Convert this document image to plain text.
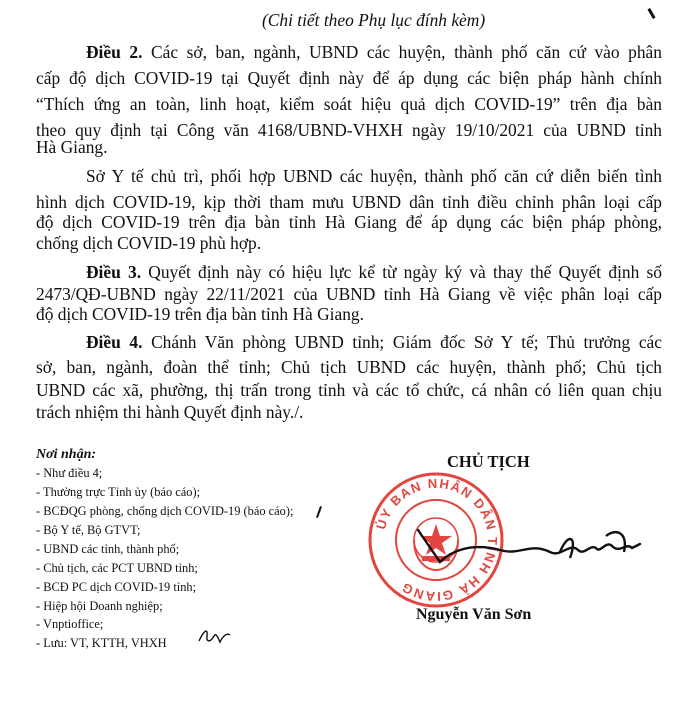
(Chi tiết theo Phụ lục đính kèm)
Điều 2. Các sở, ban, ngành, UBND các huyện, thành phố căn cứ vào phân
cấp độ dịch COVID-19 tại Quyết định này để áp dụng các biện pháp hành chính
“Thích ứng an toàn, linh hoạt, kiểm soát hiệu quả dịch COVID-19” trên địa bàn
theo quy định tại Công văn 4168/UBND-VHXH ngày 19/10/2021 của UBND tỉnh
Hà Giang.
Sở Y tế chủ trì, phối hợp UBND các huyện, thành phố căn cứ diễn biến tình
hình dịch COVID-19, kịp thời tham mưu UBND dân tỉnh điều chỉnh phân loại cấp
độ dịch COVID-19 trên địa bàn tỉnh Hà Giang để áp dụng các biện pháp phòng,
chống dịch COVID-19 phù hợp.
Điều 3. Quyết định này có hiệu lực kể từ ngày ký và thay thế Quyết định số
2473/QĐ-UBND ngày 22/11/2021 của UBND tỉnh Hà Giang về việc phân loại cấp
độ dịch COVID-19 trên địa bàn tỉnh Hà Giang.
Điều 4. Chánh Văn phòng UBND tỉnh; Giám đốc Sở Y tế; Thủ trưởng các
sở, ban, ngành, đoàn thể tỉnh; Chủ tịch UBND các huyện, thành phố; Chủ tịch
UBND các xã, phường, thị trấn trong tỉnh và các tổ chức, cá nhân có liên quan chịu
trách nhiệm thi hành Quyết định này./.
Nơi nhận:
- Như điều 4;
- Thường trực Tỉnh ủy (báo cáo);
- BCĐQG phòng, chống dịch COVID-19 (báo cáo);
- Bộ Y tế, Bộ GTVT;
- UBND các tỉnh, thành phố;
- Chủ tịch, các PCT UBND tỉnh;
- BCĐ PC dịch COVID-19 tỉnh;
- Hiệp hội Doanh nghiệp;
- Vnptioffice;
- Lưu: VT, KTTH, VHXH
CHỦ TỊCH
ỦY BAN NHÂN DÂN TỈNH HÀ GIANG
Nguyễn Văn Sơn
